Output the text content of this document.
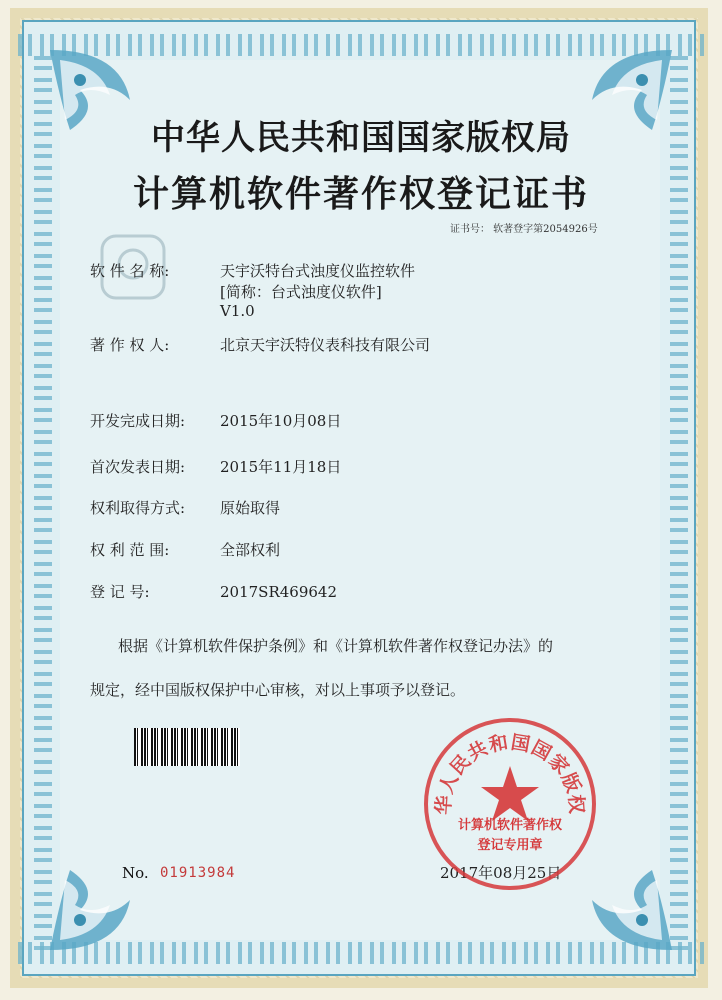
中华人民共和国国家版权局
计算机软件著作权登记证书
证书号： 软著登字第2054926号
软 件 名 称:	天宇沃特台式浊度仪监控软件
[简称：台式浊度仪软件]
V1.0
著 作 权 人:	北京天宇沃特仪表科技有限公司
开发完成日期: 2015年10月08日
首次发表日期: 2015年11月18日
权利取得方式: 原始取得
权 利 范 围:	全部权利
登 记 号:	2017SR469642
根据《计算机软件保护条例》和《计算机软件著作权登记办法》的
规定，经中国版权保护中心审核，对以上事项予以登记。
No. 01913984	2017年08月25日
华人民共和国国家版权
计算机软件著作权
登记专用章
